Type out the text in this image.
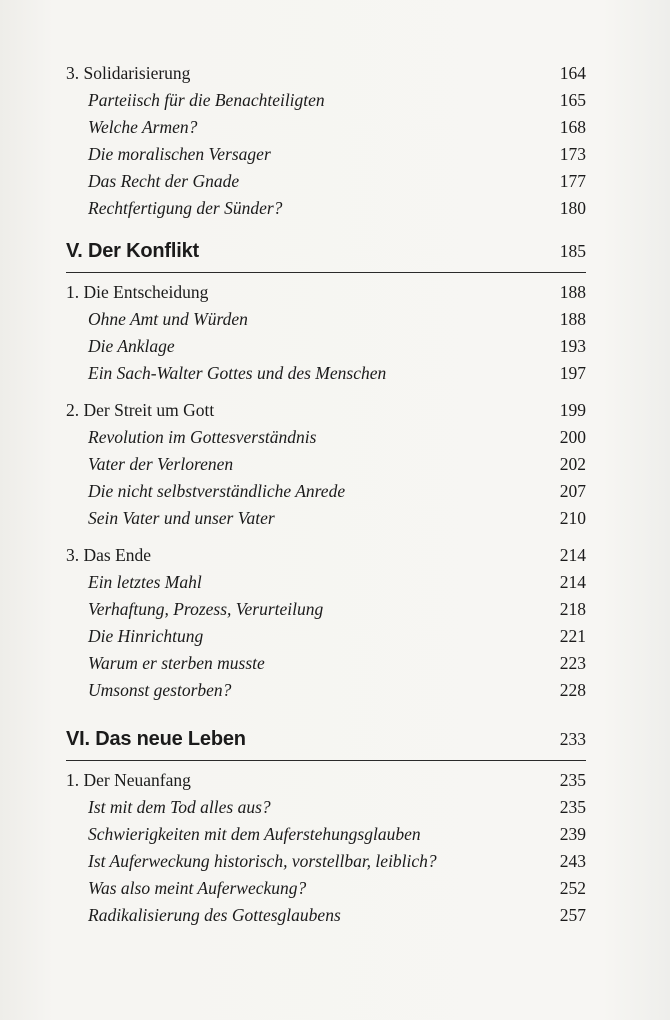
3. Solidarisierung	164
Parteiisch für die Benachteiligten	165
Welche Armen?	168
Die moralischen Versager	173
Das Recht der Gnade	177
Rechtfertigung der Sünder?	180
V. Der Konflikt	185
1. Die Entscheidung	188
Ohne Amt und Würden	188
Die Anklage	193
Ein Sach-Walter Gottes und des Menschen	197
2. Der Streit um Gott	199
Revolution im Gottesverständnis	200
Vater der Verlorenen	202
Die nicht selbstverständliche Anrede	207
Sein Vater und unser Vater	210
3. Das Ende	214
Ein letztes Mahl	214
Verhaftung, Prozess, Verurteilung	218
Die Hinrichtung	221
Warum er sterben musste	223
Umsonst gestorben?	228
VI. Das neue Leben	233
1. Der Neuanfang	235
Ist mit dem Tod alles aus?	235
Schwierigkeiten mit dem Auferstehungsglauben	239
Ist Auferweckung historisch, vorstellbar, leiblich?	243
Was also meint Auferweckung?	252
Radikalisierung des Gottesglaubens	257
